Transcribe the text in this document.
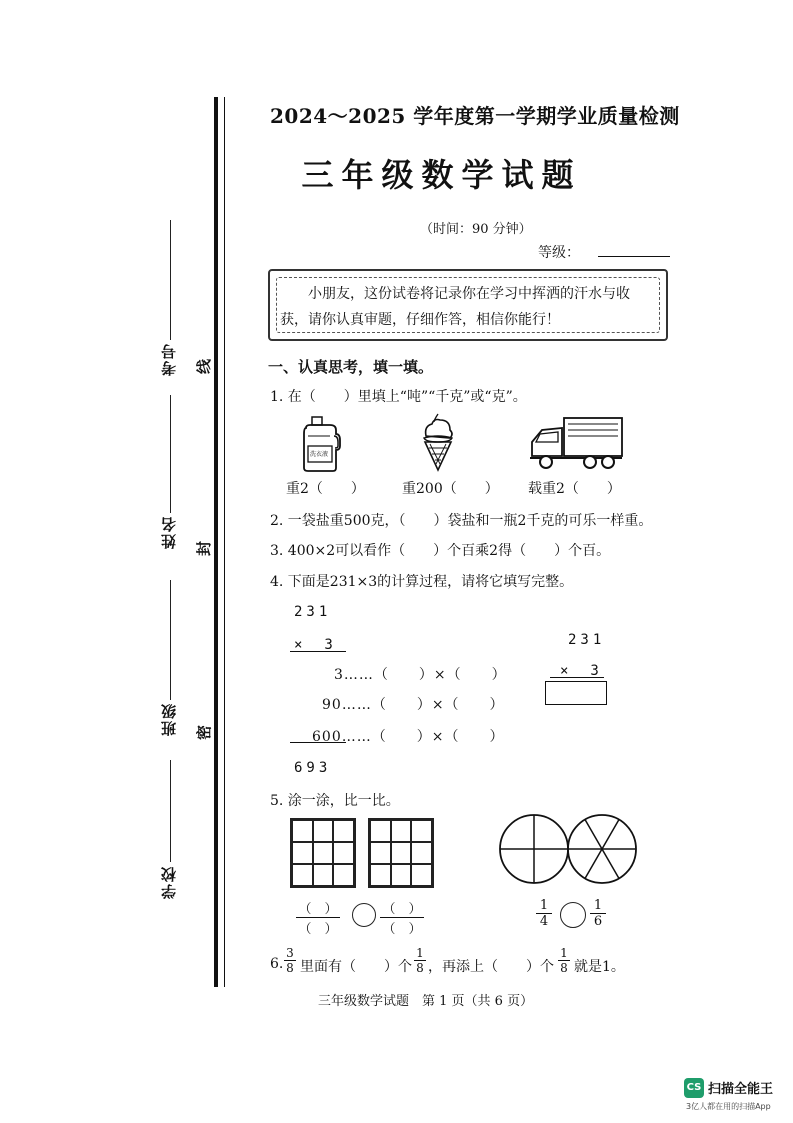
考号
姓名
班级
学校
线
封
密
2024～2025 学年度第一学期学业质量检测
三年级数学试题
（时间：90 分钟）
等级：
小朋友，这份试卷将记录你在学习中挥洒的汗水与收获，请你认真审题，仔细作答，相信你能行！
一、认真思考，填一填。
1. 在（　　）里填上“吨”“千克”或“克”。
洗衣液
重2（　　）	重200（　　） 载重2（　　）
2. 一袋盐重500克，（　　）袋盐和一瓶2千克的可乐一样重。
3. 400×2可以看作（　　）个百乘2得（　　）个百。
4. 下面是231×3的计算过程，请将它填写完整。
231
×　3
3……（　　）×（　　）
90……（　　）×（　　）
600……（　　）×（　　）
693
231
×　3
5. 涂一涂，比一比。
（　）
（　）
（　）
（　）
$\frac{1}{4}$	$\frac{1}{6}$
6. $\frac{3}{8}$ 里面有（　　）个 $\frac{1}{8}$ ，再添上（　　）个 $\frac{1}{8}$ 就是1。
三年级数学试题　第 1 页（共 6 页）
CS 扫描全能王
3亿人都在用的扫描App
